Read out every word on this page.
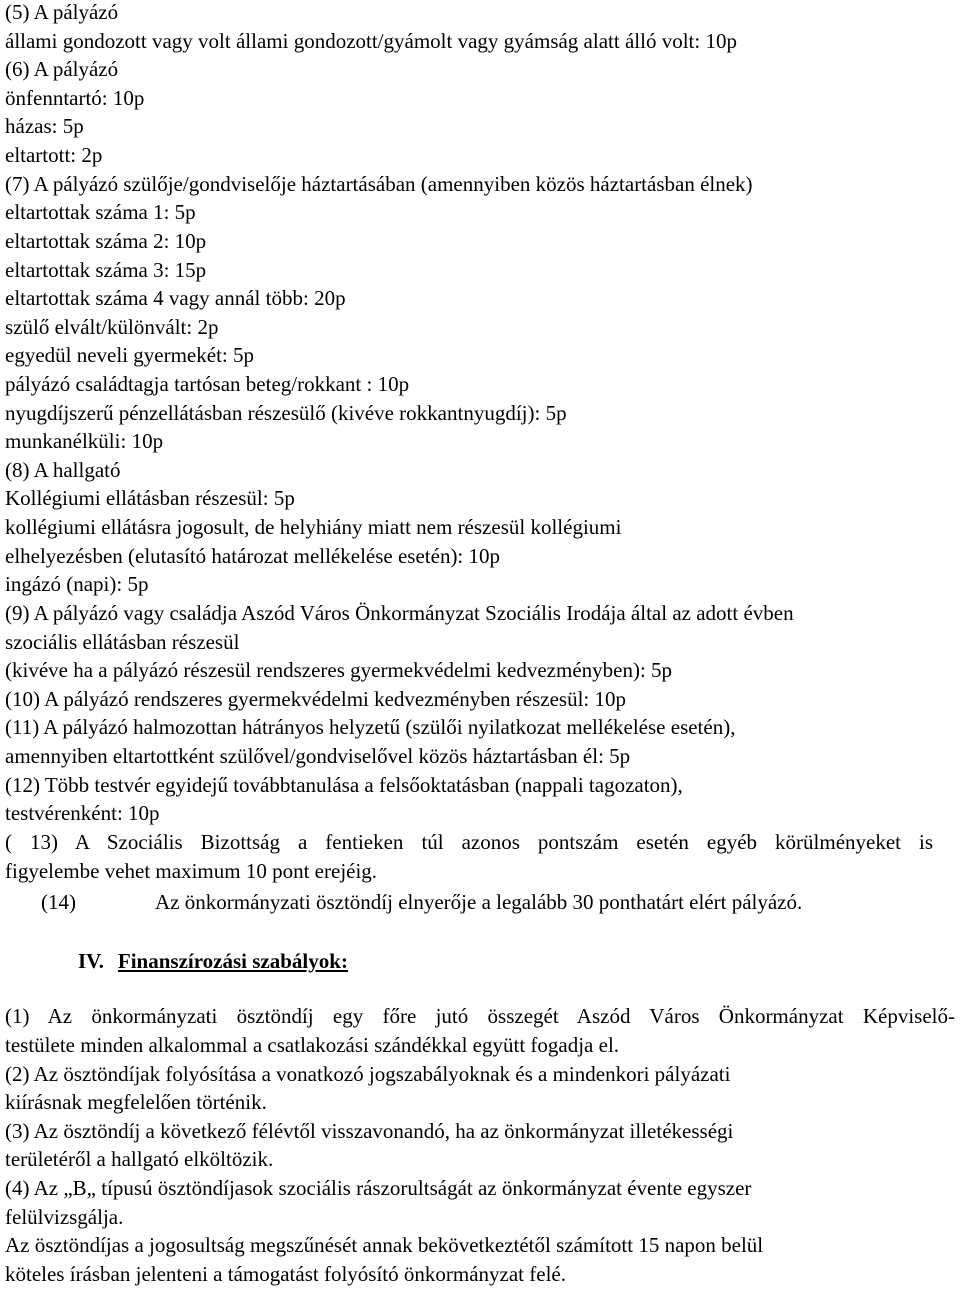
(5) A pályázó
állami gondozott vagy volt állami gondozott/gyámolt vagy gyámság alatt álló volt: 10p
(6) A pályázó
önfenntartó: 10p
házas: 5p
eltartott: 2p
(7) A pályázó szülője/gondviselője háztartásában (amennyiben közös háztartásban élnek)
eltartottak száma 1: 5p
eltartottak száma 2: 10p
eltartottak száma 3: 15p
eltartottak száma 4 vagy annál több: 20p
szülő elvált/különvált: 2p
egyedül neveli gyermekét: 5p
pályázó családtagja tartósan beteg/rokkant : 10p
nyugdíjszerű pénzellátásban részesülő (kivéve rokkantnyugdíj): 5p
munkanélküli: 10p
(8) A hallgató
Kollégiumi ellátásban részesül: 5p
kollégiumi ellátásra jogosult, de helyhiány miatt nem részesül kollégiumi
elhelyezésben (elutasító határozat mellékelése esetén): 10p
ingázó (napi): 5p
(9) A pályázó vagy családja Aszód Város Önkormányzat Szociális Irodája által az adott évben
szociális ellátásban részesül
(kivéve ha a pályázó részesül rendszeres gyermekvédelmi kedvezményben): 5p
(10) A pályázó rendszeres gyermekvédelmi kedvezményben részesül: 10p
(11) A pályázó halmozottan hátrányos helyzetű (szülői nyilatkozat mellékelése esetén),
amennyiben eltartottként szülővel/gondviselővel közös háztartásban él: 5p
(12) Több testvér egyidejű továbbtanulása a felsőoktatásban (nappali tagozaton),
testvérenként: 10p
( 13) A Szociális Bizottság a fentieken túl azonos pontszám esetén egyéb körülményeket is
figyelembe vehet maximum 10 pont erejéig.
(14)	Az önkormányzati ösztöndíj elnyerője a legalább 30 ponthatárt elért pályázó.
IV. Finanszírozási szabályok:
(1) Az önkormányzati ösztöndíj egy főre jutó összegét Aszód Város Önkormányzat Képviselő-
testülete minden alkalommal a csatlakozási szándékkal együtt fogadja el.
(2) Az ösztöndíjak folyósítása a vonatkozó jogszabályoknak és a mindenkori pályázati
kiírásnak megfelelően történik.
(3) Az ösztöndíj a következő félévtől visszavonandó, ha az önkormányzat illetékességi
területéről a hallgató elköltözik.
(4) Az „B„ típusú ösztöndíjasok szociális rászorultságát az önkormányzat évente egyszer
felülvizsgálja.
Az ösztöndíjas a jogosultság megszűnését annak bekövetkeztétől számított 15 napon belül
köteles írásban jelenteni a támogatást folyósító önkormányzat felé.
